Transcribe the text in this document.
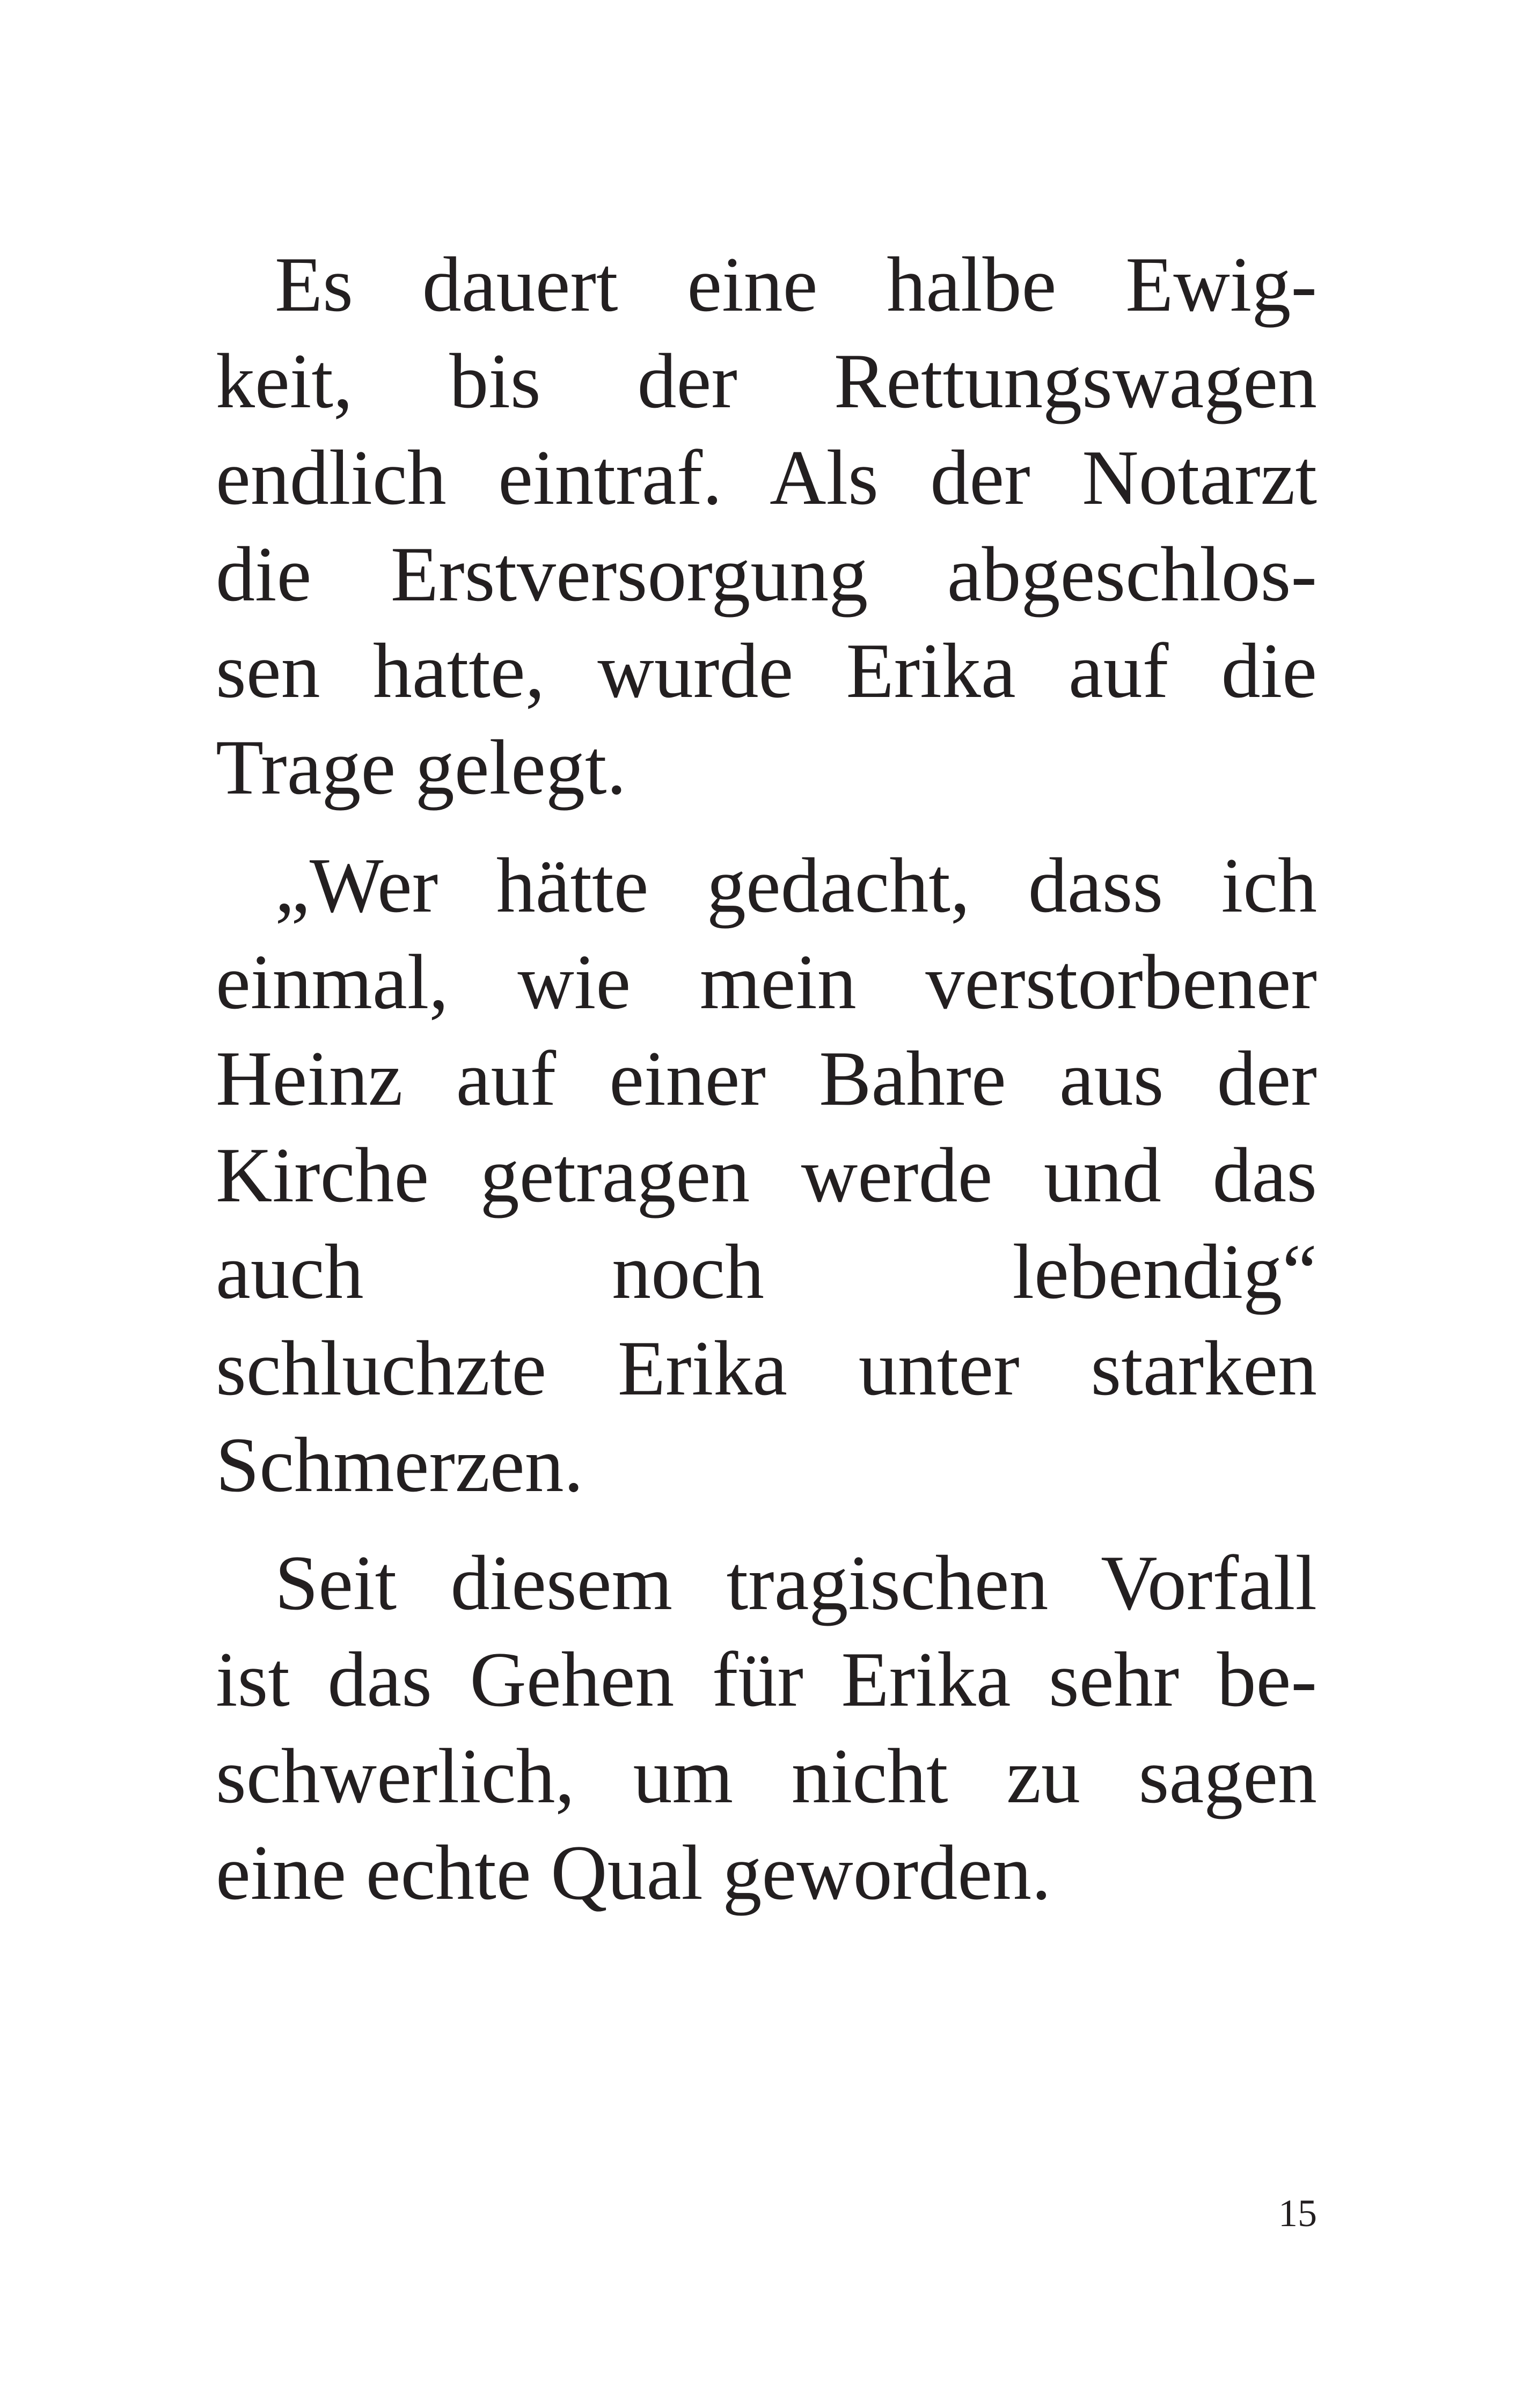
Es dauert eine halbe Ewig-
keit, bis der Rettungswagen
endlich eintraf. Als der Notarzt
die Erstversorgung abgeschlos-
sen hatte, wurde Erika auf die
Trage gelegt.
„Wer hätte gedacht, dass ich
einmal, wie mein verstorbener
Heinz auf einer Bahre aus der
Kirche getragen werde und das
auch noch lebendig“
schluchzte Erika unter starken
Schmerzen.
Seit diesem tragischen Vorfall
ist das Gehen für Erika sehr be-
schwerlich, um nicht zu sagen
eine echte Qual geworden.
15
